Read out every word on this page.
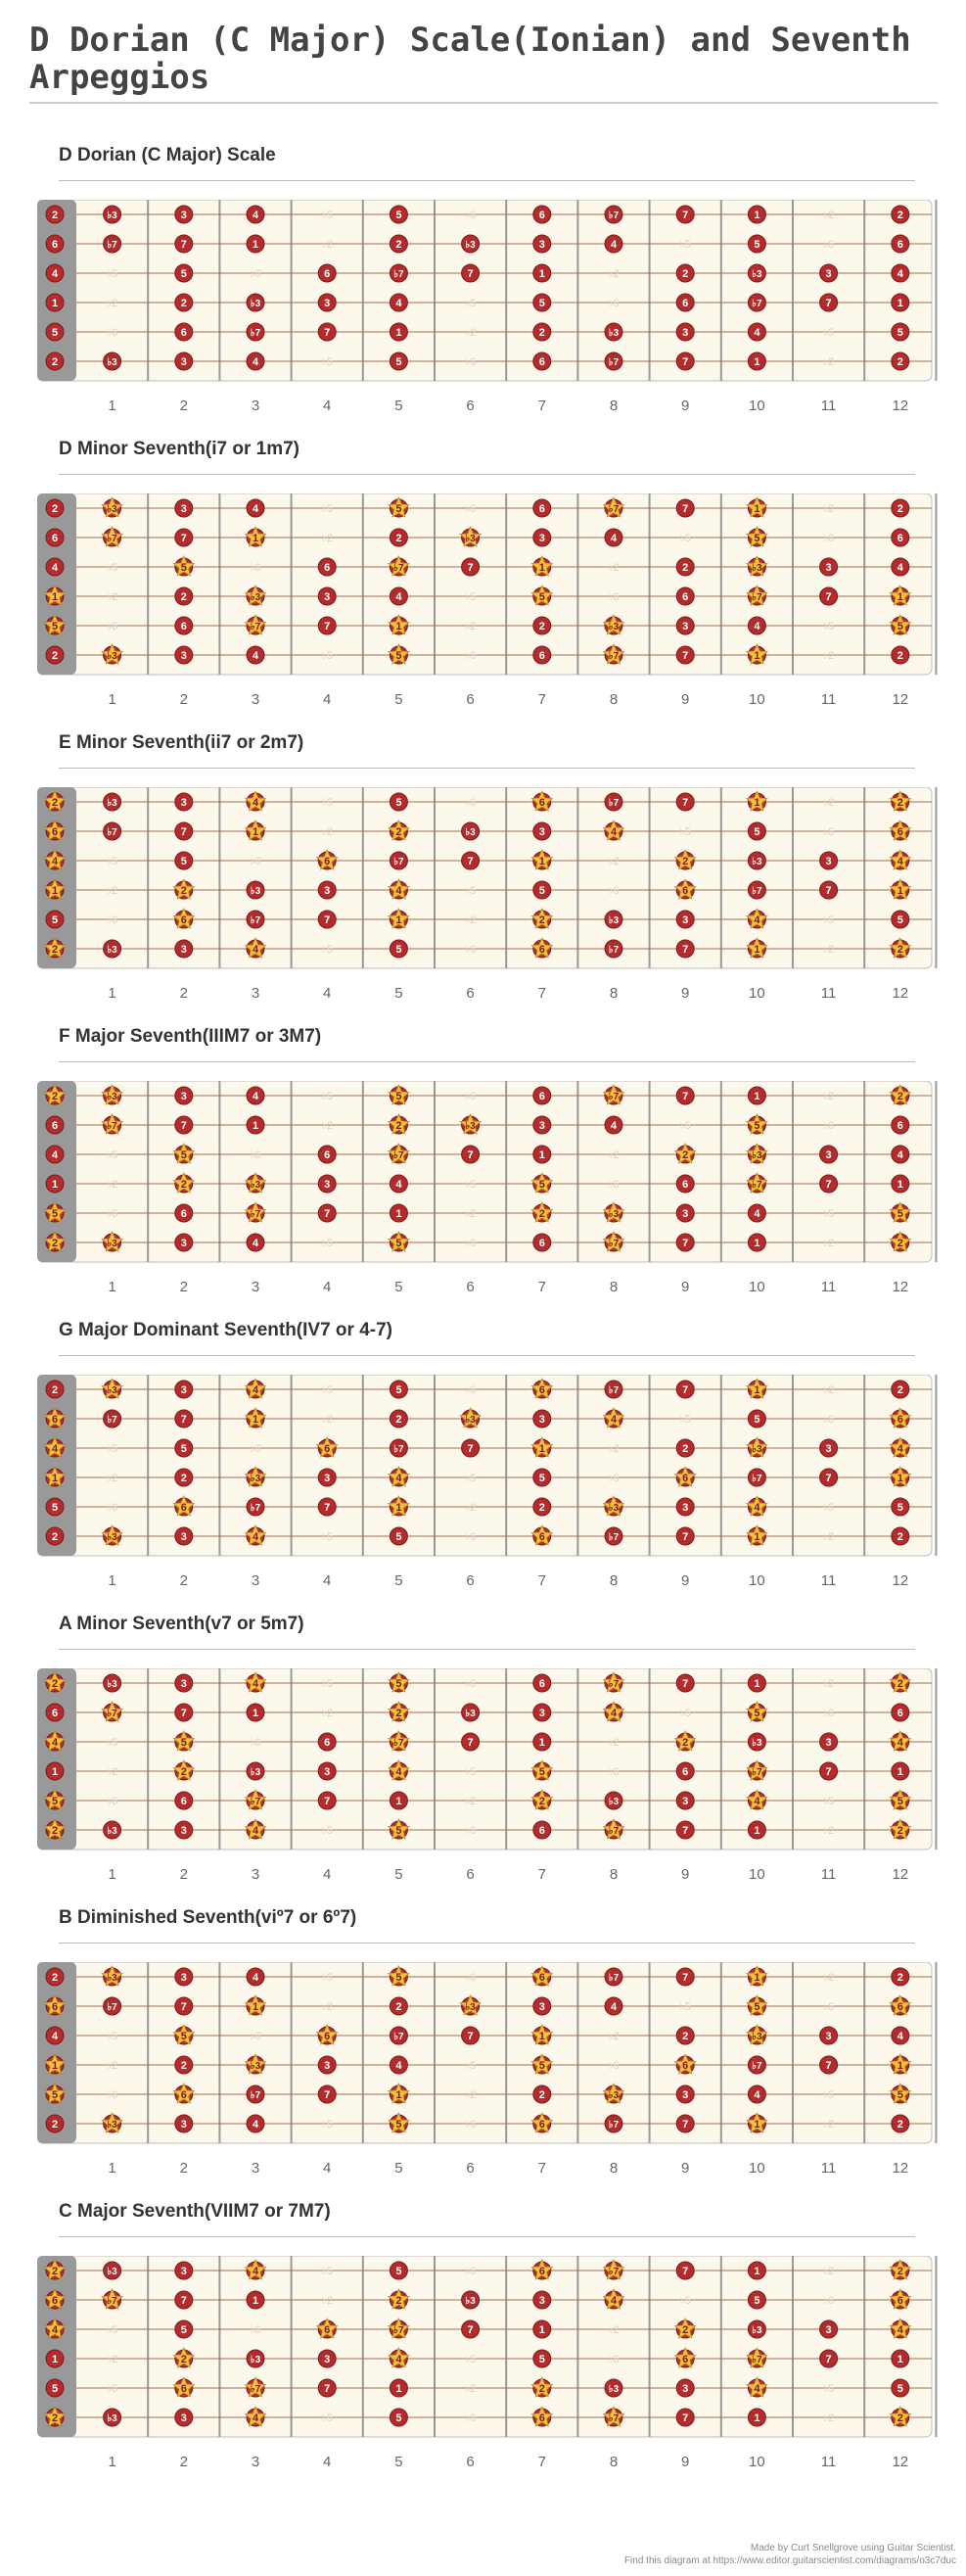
D Dorian (C Major) Scale(Ionian) and Seventh Arpeggios
D Dorian (C Major) Scale
2	♭3	3	4	♭5	5	♭6	6	♭7	7	1	♭2	2
6	♭7	7	1	♭2	2	♭3	3	4	♭5	5	♭6	6
4	♭5	5	♭6	6	♭7	7	1	♭2	2	♭3	3	4
1	♭2	2	♭3	3	4	♭5	5	♭6	6	♭7	7	1
5	♭6	6	♭7	7	1	♭2	2	♭3	3	4	♭5	5
2	♭3	3	4	♭5	5	♭6	6	♭7	7	1	♭2	2
1	2	3	4	5	6	7	8	9	10	11	12
D Minor Seventh(i7 or 1m7)
2	♭3	3	4	♭5	5	♭6	6	♭7	7	1	♭2	2
6	♭7	7	1	♭2	2	♭3	3	4	♭5	5	♭6	6
4	♭5	5	♭6	6	♭7	7	1	♭2	2	♭3	3	4
1	♭2	2	♭3	3	4	♭5	5	♭6	6	♭7	7	1
5	♭6	6	♭7	7	1	♭2	2	♭3	3	4	♭5	5
2	♭3	3	4	♭5	5	♭6	6	♭7	7	1	♭2	2
1	2	3	4	5	6	7	8	9	10	11	12
E Minor Seventh(ii7 or 2m7)
2	♭3	3	4	♭5	5	♭6	6	♭7	7	1	♭2	2
6	♭7	7	1	♭2	2	♭3	3	4	♭5	5	♭6	6
4	♭5	5	♭6	6	♭7	7	1	♭2	2	♭3	3	4
1	♭2	2	♭3	3	4	♭5	5	♭6	6	♭7	7	1
5	♭6	6	♭7	7	1	♭2	2	♭3	3	4	♭5	5
2	♭3	3	4	♭5	5	♭6	6	♭7	7	1	♭2	2
1	2	3	4	5	6	7	8	9	10	11	12
F Major Seventh(IIIM7 or 3M7)
2	♭3	3	4	♭5	5	♭6	6	♭7	7	1	♭2	2
6	♭7	7	1	♭2	2	♭3	3	4	♭5	5	♭6	6
4	♭5	5	♭6	6	♭7	7	1	♭2	2	♭3	3	4
1	♭2	2	♭3	3	4	♭5	5	♭6	6	♭7	7	1
5	♭6	6	♭7	7	1	♭2	2	♭3	3	4	♭5	5
2	♭3	3	4	♭5	5	♭6	6	♭7	7	1	♭2	2
1	2	3	4	5	6	7	8	9	10	11	12
G Major Dominant Seventh(IV7 or 4-7)
2	♭3	3	4	♭5	5	♭6	6	♭7	7	1	♭2	2
6	♭7	7	1	♭2	2	♭3	3	4	♭5	5	♭6	6
4	♭5	5	♭6	6	♭7	7	1	♭2	2	♭3	3	4
1	♭2	2	♭3	3	4	♭5	5	♭6	6	♭7	7	1
5	♭6	6	♭7	7	1	♭2	2	♭3	3	4	♭5	5
2	♭3	3	4	♭5	5	♭6	6	♭7	7	1	♭2	2
1	2	3	4	5	6	7	8	9	10	11	12
A Minor Seventh(v7 or 5m7)
2	♭3	3	4	♭5	5	♭6	6	♭7	7	1	♭2	2
6	♭7	7	1	♭2	2	♭3	3	4	♭5	5	♭6	6
4	♭5	5	♭6	6	♭7	7	1	♭2	2	♭3	3	4
1	♭2	2	♭3	3	4	♭5	5	♭6	6	♭7	7	1
5	♭6	6	♭7	7	1	♭2	2	♭3	3	4	♭5	5
2	♭3	3	4	♭5	5	♭6	6	♭7	7	1	♭2	2
1	2	3	4	5	6	7	8	9	10	11	12
B Diminished Seventh(viº7 or 6º7)
2	♭3	3	4	♭5	5	♭6	6	♭7	7	1	♭2	2
6	♭7	7	1	♭2	2	♭3	3	4	♭5	5	♭6	6
4	♭5	5	♭6	6	♭7	7	1	♭2	2	♭3	3	4
1	♭2	2	♭3	3	4	♭5	5	♭6	6	♭7	7	1
5	♭6	6	♭7	7	1	♭2	2	♭3	3	4	♭5	5
2	♭3	3	4	♭5	5	♭6	6	♭7	7	1	♭2	2
1	2	3	4	5	6	7	8	9	10	11	12
C Major Seventh(VIIM7 or 7M7)
2	♭3	3	4	♭5	5	♭6	6	♭7	7	1	♭2	2
6	♭7	7	1	♭2	2	♭3	3	4	♭5	5	♭6	6
4	♭5	5	♭6	6	♭7	7	1	♭2	2	♭3	3	4
1	♭2	2	♭3	3	4	♭5	5	♭6	6	♭7	7	1
5	♭6	6	♭7	7	1	♭2	2	♭3	3	4	♭5	5
2	♭3	3	4	♭5	5	♭6	6	♭7	7	1	♭2	2
1	2	3	4	5	6	7	8	9	10	11	12
Made by Curt Snellgrove using Guitar Scientist.
Find this diagram at https://www.editor.guitarscientist.com/diagrams/o3c7duc
